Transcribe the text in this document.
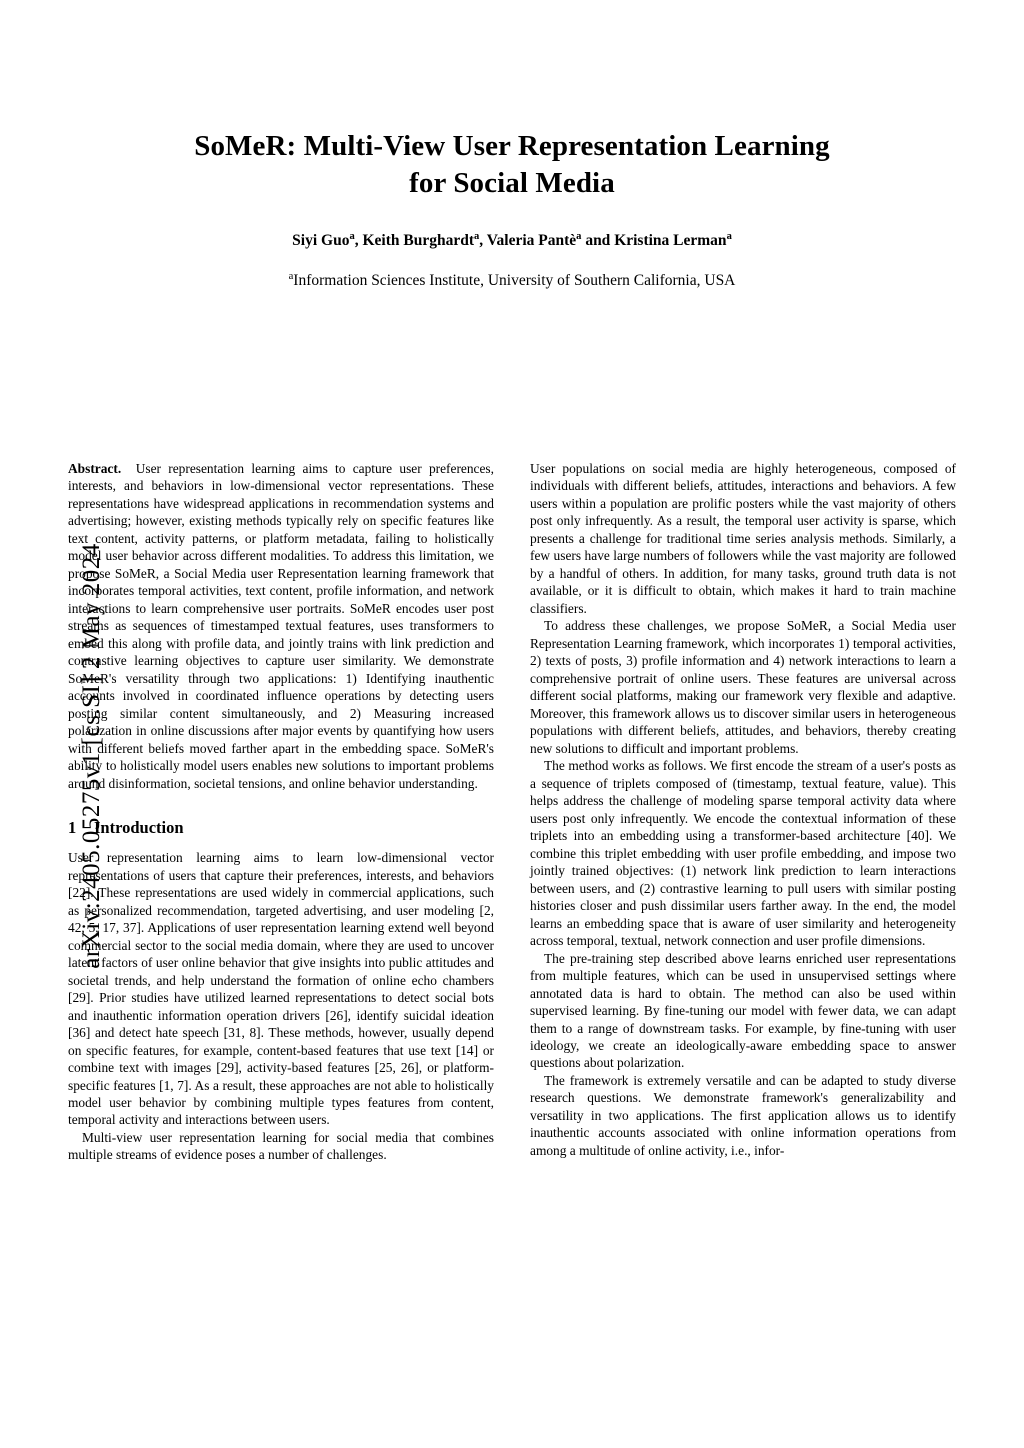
arXiv:2405.05275v1 [cs.SI] 2 May 2024
SoMeR: Multi-View User Representation Learning
for Social Media
Siyi Guo$^a$, Keith Burghardt$^a$, Valeria Pantè$^a$ and Kristina Lerman$^a$
$^a$Information Sciences Institute, University of Southern California, USA

Abstract. User representation learning aims to capture user preferences, interests, and behaviors in low-dimensional vector representations. These representations have widespread applications in recommendation systems and advertising; however, existing methods typically rely on specific features like text content, activity patterns, or platform metadata, failing to holistically model user behavior across different modalities. To address this limitation, we propose SoMeR, a Social Media user Representation learning framework that incorporates temporal activities, text content, profile information, and network interactions to learn comprehensive user portraits. SoMeR encodes user post streams as sequences of timestamped textual features, uses transformers to embed this along with profile data, and jointly trains with link prediction and contrastive learning objectives to capture user similarity. We demonstrate SoMeR's versatility through two applications: 1) Identifying inauthentic accounts involved in coordinated influence operations by detecting users posting similar content simultaneously, and 2) Measuring increased polarization in online discussions after major events by quantifying how users with different beliefs moved farther apart in the embedding space. SoMeR's ability to holistically model users enables new solutions to important problems around disinformation, societal tensions, and online behavior understanding.

1 Introduction

User representation learning aims to learn low-dimensional vector representations of users that capture their preferences, interests, and behaviors [22]. These representations are used widely in commercial applications, such as personalized recommendation, targeted advertising, and user modeling [2, 42, 5, 17, 37]. Applications of user representation learning extend well beyond commercial sector to the social media domain, where they are used to uncover latent factors of user online behavior that give insights into public attitudes and societal trends, and help understand the formation of online echo chambers [29]. Prior studies have utilized learned representations to detect social bots and inauthentic information operation drivers [26], identify suicidal ideation [36] and detect hate speech [31, 8]. These methods, however, usually depend on specific features, for example, content-based features that use text [14] or combine text with images [29], activity-based features [25, 26], or platform-specific features [1, 7]. As a result, these approaches are not able to holistically model user behavior by combining multiple types features from content, temporal activity and interactions between users.

Multi-view user representation learning for social media that combines multiple streams of evidence poses a number of challenges.

User populations on social media are highly heterogeneous, composed of individuals with different beliefs, attitudes, interactions and behaviors. A few users within a population are prolific posters while the vast majority of others post only infrequently. As a result, the temporal user activity is sparse, which presents a challenge for traditional time series analysis methods. Similarly, a few users have large numbers of followers while the vast majority are followed by a handful of others. In addition, for many tasks, ground truth data is not available, or it is difficult to obtain, which makes it hard to train machine classifiers.

To address these challenges, we propose SoMeR, a Social Media user Representation Learning framework, which incorporates 1) temporal activities, 2) texts of posts, 3) profile information and 4) network interactions to learn a comprehensive portrait of online users. These features are universal across different social platforms, making our framework very flexible and adaptive. Moreover, this framework allows us to discover similar users in heterogeneous populations with different beliefs, attitudes, and behaviors, thereby creating new solutions to difficult and important problems.

The method works as follows. We first encode the stream of a user's posts as a sequence of triplets composed of (timestamp, textual feature, value). This helps address the challenge of modeling sparse temporal activity data where users post only infrequently. We encode the contextual information of these triplets into an embedding using a transformer-based architecture [40]. We combine this triplet embedding with user profile embedding, and impose two jointly trained objectives: (1) network link prediction to learn interactions between users, and (2) contrastive learning to pull users with similar posting histories closer and push dissimilar users farther away. In the end, the model learns an embedding space that is aware of user similarity and heterogeneity across temporal, textual, network connection and user profile dimensions.

The pre-training step described above learns enriched user representations from multiple features, which can be used in unsupervised settings where annotated data is hard to obtain. The method can also be used within supervised learning. By fine-tuning our model with fewer data, we can adapt them to a range of downstream tasks. For example, by fine-tuning with user ideology, we create an ideologically-aware embedding space to answer questions about polarization.

The framework is extremely versatile and can be adapted to study diverse research questions. We demonstrate framework's generalizability and versatility in two applications. The first application allows us to identify inauthentic accounts associated with online information operations from among a multitude of online activity, i.e., infor-
